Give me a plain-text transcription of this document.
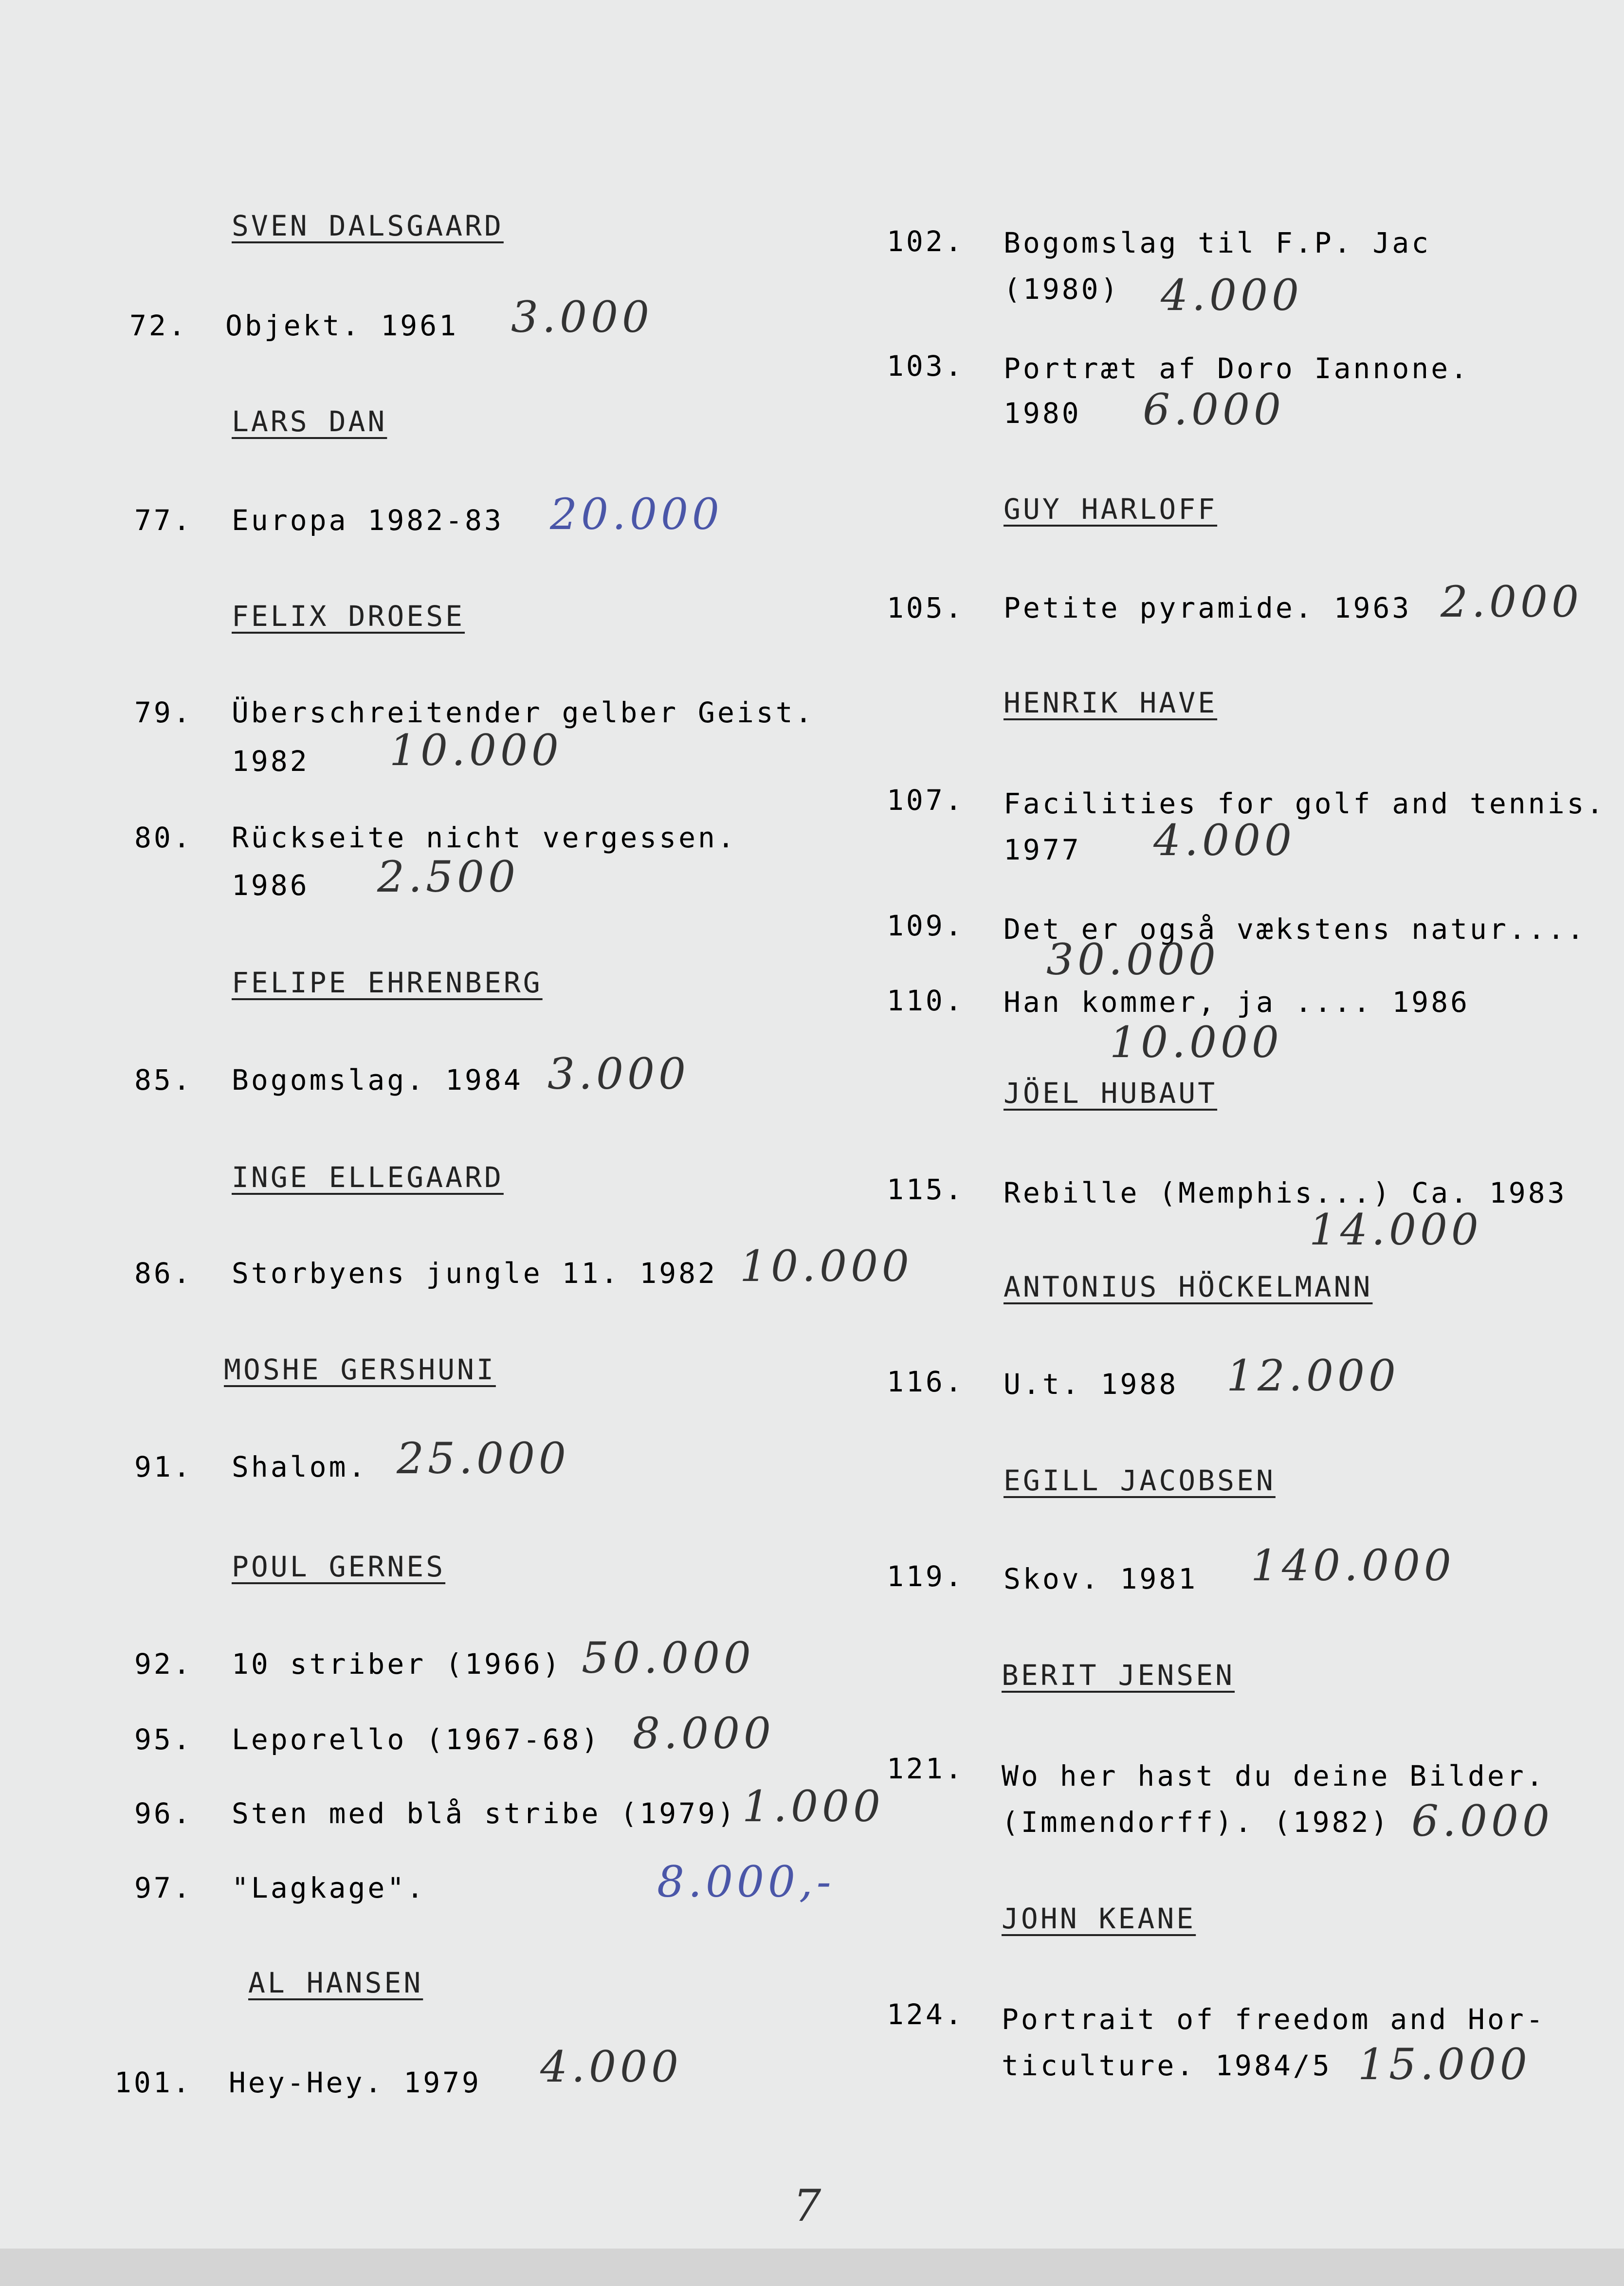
SVEN DALSGAARD
72. Objekt. 1961 3.000
LARS DAN
77. Europa 1982-83 20.000
FELIX DROESE
79. Überschreitender gelber Geist.
1982 10.000
80. Rückseite nicht vergessen.
1986 2.500
FELIPE EHRENBERG
85. Bogomslag. 1984 3.000
INGE ELLEGAARD
86. Storbyens jungle 11. 1982 10.000
MOSHE GERSHUNI
91. Shalom. 25.000
POUL GERNES
92. 10 striber (1966) 50.000
95. Leporello (1967-68) 8.000
96. Sten med blå stribe (1979) 1.000
97. "Lagkage".	8.000,-
AL HANSEN
101. Hey-Hey. 1979 4.000
102. Bogomslag til F.P. Jac
(1980) 4.000
103. Portræt af Doro Iannone.
1980 6.000
GUY HARLOFF
105. Petite pyramide. 1963 2.000
HENRIK HAVE
107. Facilities for golf and tennis.
1977 4.000
109. Det er også vækstens natur....
30.000
110. Han kommer, ja .... 1986
10.000
JÖEL HUBAUT
115. Rebille (Memphis...) Ca. 1983
14.000
ANTONIUS HÖCKELMANN
116. U.t. 1988 12.000
EGILL JACOBSEN
119. Skov. 1981 140.000
BERIT JENSEN
121. Wo her hast du deine Bilder.
(Immendorff). (1982) 6.000
JOHN KEANE
124. Portrait of freedom and Hor-
ticulture. 1984/5 15.000
7
